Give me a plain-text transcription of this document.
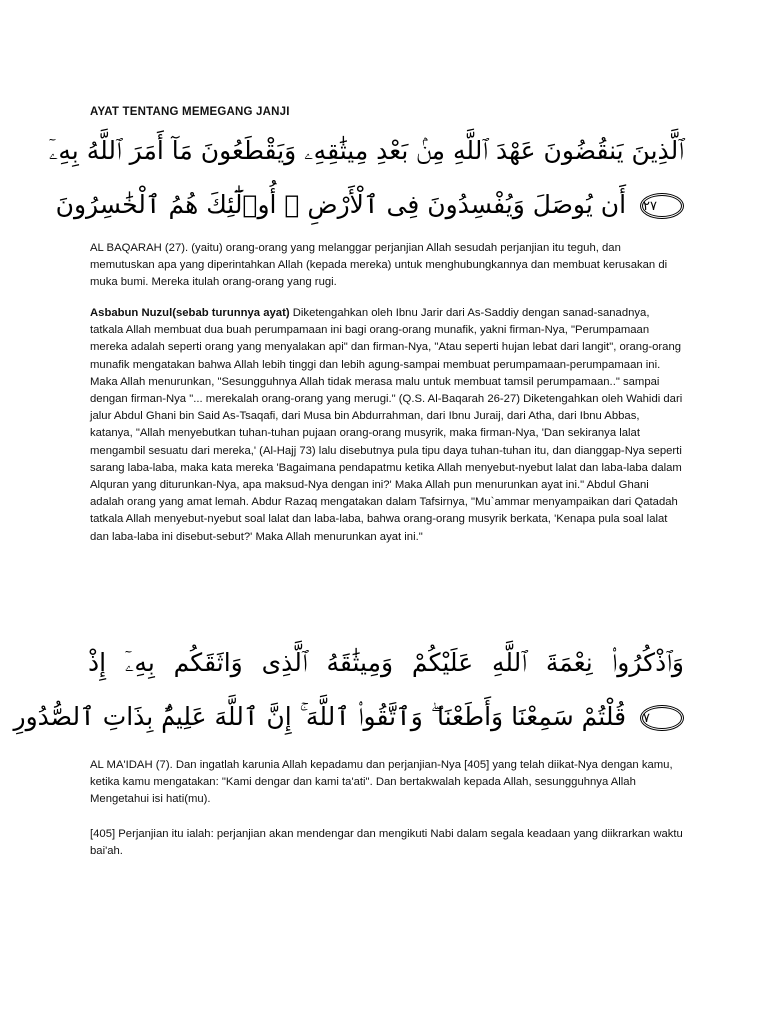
AYAT TENTANG MEMEGANG JANJI
ٱلَّذِينَ يَنقُضُونَ عَهْدَ ٱللَّهِ مِنۢ بَعْدِ مِيثَٰقِهِۦ وَيَقْطَعُونَ مَآ أَمَرَ ٱللَّهُ بِهِۦٓ
٢٧ أَن يُوصَلَ وَيُفْسِدُونَ فِى ٱلْأَرْضِ ۚ أُو۟لَٰٓئِكَ هُمُ ٱلْخَٰسِرُونَ

AL BAQARAH (27). (yaitu) orang-orang yang melanggar perjanjian Allah sesudah perjanjian itu teguh, dan memutuskan apa yang diperintahkan Allah (kepada mereka) untuk menghubungkannya dan membuat kerusakan di muka bumi. Mereka itulah orang-orang yang rugi.

Asbabun Nuzul(sebab turunnya ayat) Diketengahkan oleh Ibnu Jarir dari As-Saddiy dengan sanad-sanadnya, tatkala Allah membuat dua buah perumpamaan ini bagi orang-orang munafik, yakni firman-Nya, "Perumpamaan mereka adalah seperti orang yang menyalakan api" dan firman-Nya, "Atau seperti hujan lebat dari langit", orang-orang munafik mengatakan bahwa Allah lebih tinggi dan lebih agung-sampai membuat perumpamaan-perumpamaan ini. Maka Allah menurunkan, "Sesungguhnya Allah tidak merasa malu untuk membuat tamsil perumpamaan.." sampai dengan firman-Nya "... merekalah orang-orang yang merugi." (Q.S. Al-Baqarah 26-27) Diketengahkan oleh Wahidi dari jalur Abdul Ghani bin Said As-Tsaqafi, dari Musa bin Abdurrahman, dari Ibnu Juraij, dari Atha, dari Ibnu Abbas, katanya, "Allah menyebutkan tuhan-tuhan pujaan orang-orang musyrik, maka firman-Nya, 'Dan sekiranya lalat mengambil sesuatu dari mereka,' (Al-Hajj 73) lalu disebutnya pula tipu daya tuhan-tuhan itu, dan dianggap-Nya seperti sarang laba-laba, maka kata mereka 'Bagaimana pendapatmu ketika Allah menyebut-nyebut lalat dan laba-laba dalam Alquran yang diturunkan-Nya, apa maksud-Nya dengan ini?' Maka Allah pun menurunkan ayat ini." Abdul Ghani adalah orang yang amat lemah. Abdur Razaq mengatakan dalam Tafsirnya, "Mu`ammar menyampaikan dari Qatadah tatkala Allah menyebut-nyebut soal lalat dan laba-laba, bahwa orang-orang musyrik berkata, 'Kenapa pula soal lalat dan laba-laba ini disebut-sebut?' Maka Allah menurunkan ayat ini."

وَٱذْكُرُوا۟ نِعْمَةَ ٱللَّهِ عَلَيْكُمْ وَمِيثَٰقَهُ ٱلَّذِى وَاثَقَكُم بِهِۦٓ إِذْ
٧ قُلْتُمْ سَمِعْنَا وَأَطَعْنَا ۖ وَٱتَّقُوا۟ ٱللَّهَ ۚ إِنَّ ٱللَّهَ عَلِيمٌۢ بِذَاتِ ٱلصُّدُورِ

AL MA'IDAH (7). Dan ingatlah karunia Allah kepadamu dan perjanjian-Nya [405] yang telah diikat-Nya dengan kamu, ketika kamu mengatakan: "Kami dengar dan kami ta'ati". Dan bertakwalah kepada Allah, sesungguhnya Allah Mengetahui isi hati(mu).

[405] Perjanjian itu ialah: perjanjian akan mendengar dan mengikuti Nabi dalam segala keadaan yang diikrarkan waktu bai'ah.
